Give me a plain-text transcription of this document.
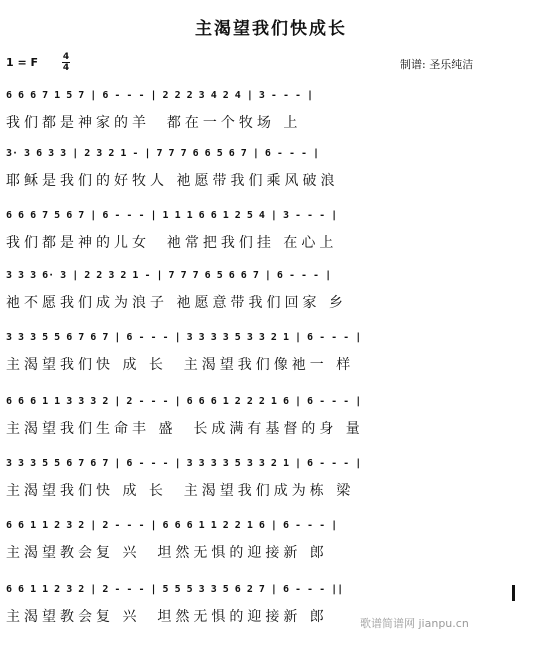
主渴望我们快成长
1 = F	4
4	制谱: 圣乐纯洁
6 6 6 7 1 5 7 | 6 - - - | 2 2 2 3 4 2 4 | 3 - - - |
我们都是神家的羊  都在一个牧场 上
3· 3 6 3 3 | 2 3 2 1 - | 7 7 7 6 6 5 6 7 | 6 - - - |
耶稣是我们的好牧人 祂愿带我们乘风破浪
6 6 6 7 5 6 7 | 6 - - - | 1 1 1 6 6 1 2 5 4 | 3 - - - |
我们都是神的儿女  祂常把我们挂 在心上
3 3 3 6· 3 | 2 2 3 2 1 - | 7 7 7 6 5 6 6 7 | 6 - - - |
祂不愿我们成为浪子 祂愿意带我们回家 乡
3 3 3 5 5 6 7 6 7 | 6 - - - | 3 3 3 3 5 3 3 2 1 | 6 - - - |
主渴望我们快 成 长  主渴望我们像祂一 样
6 6 6 1 1 3 3 3 2 | 2 - - - | 6 6 6 1 2 2 2 1 6 | 6 - - - |
主渴望我们生命丰 盛  长成满有基督的身 量
3 3 3 5 5 6 7 6 7 | 6 - - - | 3 3 3 3 5 3 3 2 1 | 6 - - - |
主渴望我们快 成 长  主渴望我们成为栋 梁
6 6 1 1 2 3 2 | 2 - - - | 6 6 6 1 1 2 2 1 6 | 6 - - - |
主渴望教会复 兴  坦然无惧的迎接新 郎
6 6 1 1 2 3 2 | 2 - - - | 5 5 5 3 3 5 6 2 7 | 6 - - - ||
主渴望教会复 兴  坦然无惧的迎接新 郎	歌谱简谱网 jianpu.cn
